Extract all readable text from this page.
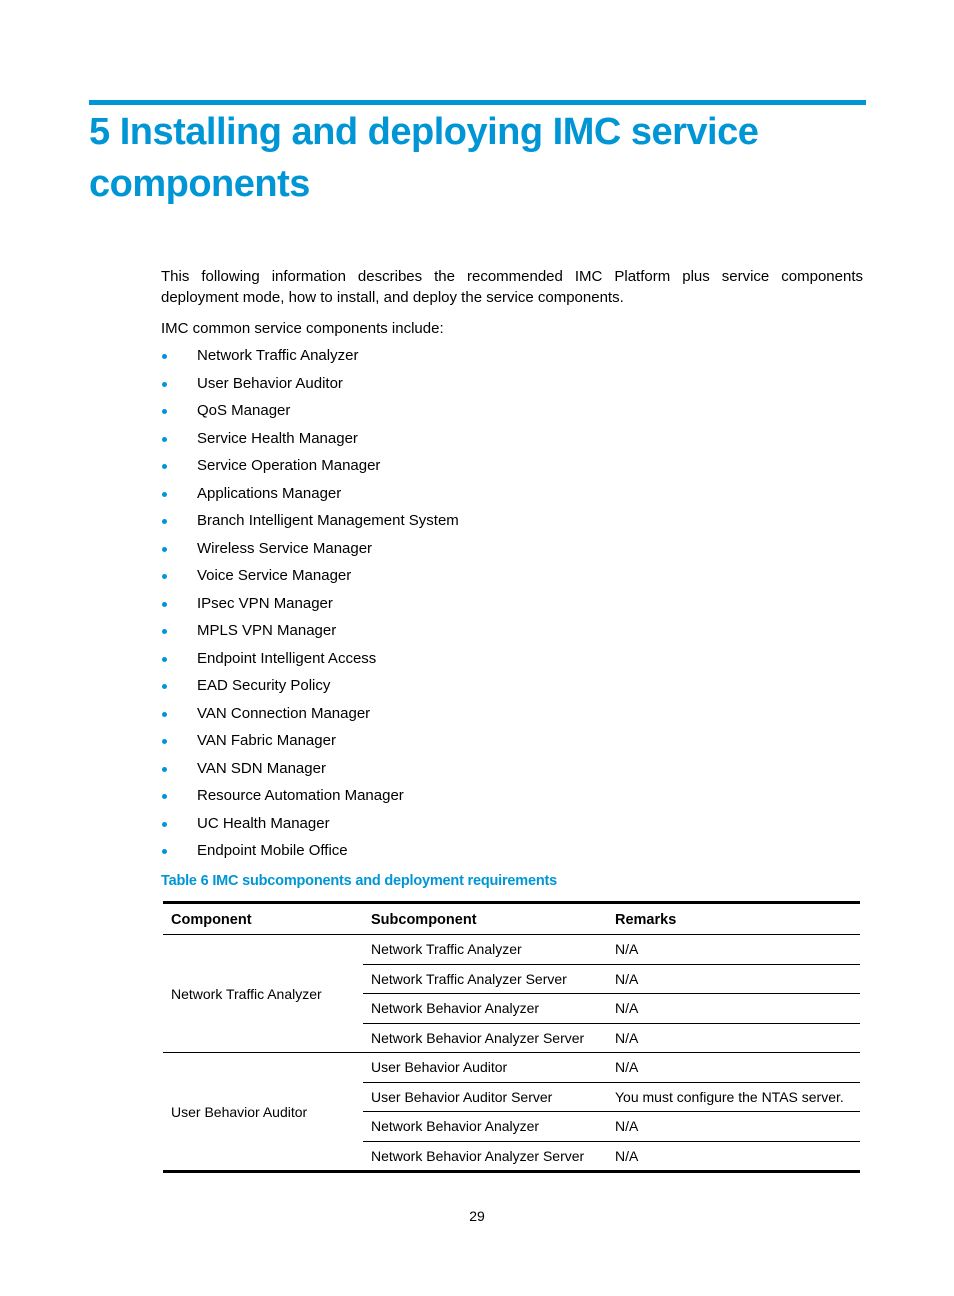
5 Installing and deploying IMC service components

This following information describes the recommended IMC Platform plus service components deployment mode, how to install, and deploy the service components.

IMC common service components include:

Network Traffic Analyzer
User Behavior Auditor
QoS Manager
Service Health Manager
Service Operation Manager
Applications Manager
Branch Intelligent Management System
Wireless Service Manager
Voice Service Manager
IPsec VPN Manager
MPLS VPN Manager
Endpoint Intelligent Access
EAD Security Policy
VAN Connection Manager
VAN Fabric Manager
VAN SDN Manager
Resource Automation Manager
UC Health Manager
Endpoint Mobile Office

Table 6 IMC subcomponents and deployment requirements

Component	Subcomponent	Remarks
Network Traffic Analyzer	Network Traffic Analyzer	N/A
	Network Traffic Analyzer Server	N/A
	Network Behavior Analyzer	N/A
	Network Behavior Analyzer Server	N/A
User Behavior Auditor	User Behavior Auditor	N/A
	User Behavior Auditor Server	You must configure the NTAS server.
	Network Behavior Analyzer	N/A
	Network Behavior Analyzer Server	N/A

29
